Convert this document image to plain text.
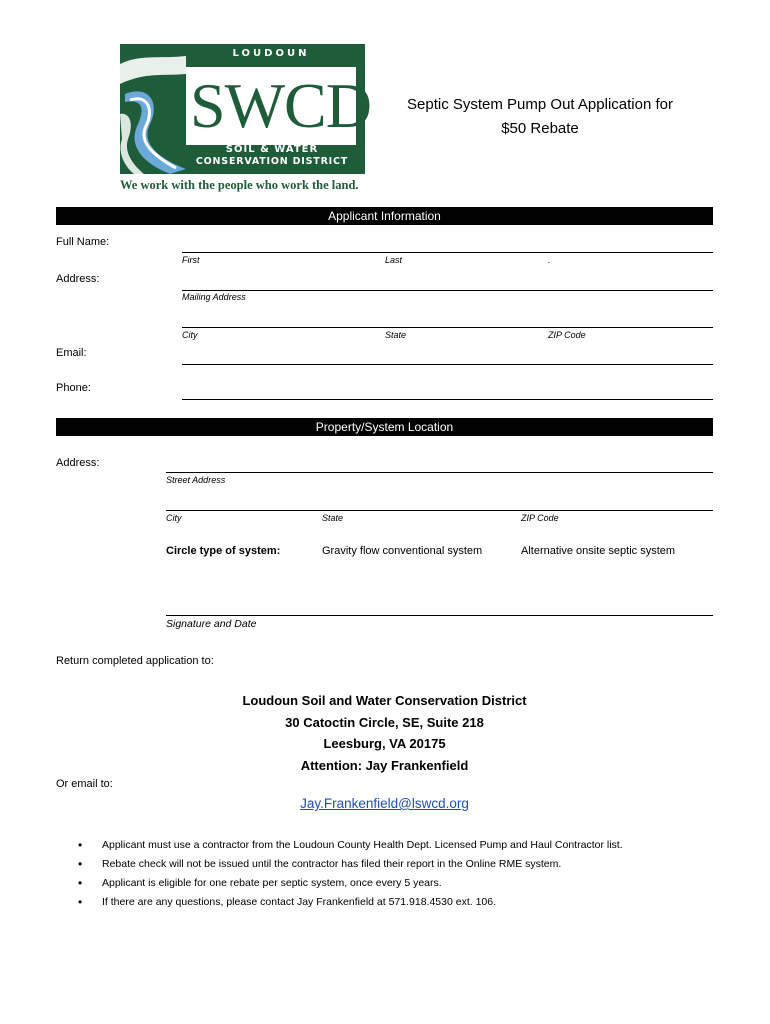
LOUDOUN
SWCD
SOIL & WATER
CONSERVATION DISTRICT
We work with the people who work the land.
Septic System Pump Out Application for
$50 Rebate
Applicant Information
Full Name:
First	Last	.
Address:
Mailing Address
City	State	ZIP Code
Email:
Phone:
Property/System Location
Address:
Street Address
City	State	ZIP Code
Circle type of system:	Gravity flow conventional system	Alternative onsite septic system
Signature and Date
Return completed application to:
Loudoun Soil and Water Conservation District
30 Catoctin Circle, SE, Suite 218
Leesburg, VA 20175
Attention: Jay Frankenfield
Or email to:
Jay.Frankenfield@lswcd.org
• Applicant must use a contractor from the Loudoun County Health Dept. Licensed Pump and Haul Contractor list.
• Rebate check will not be issued until the contractor has filed their report in the Online RME system.
• Applicant is eligible for one rebate per septic system, once every 5 years.
• If there are any questions, please contact Jay Frankenfield at 571.918.4530 ext. 106.
